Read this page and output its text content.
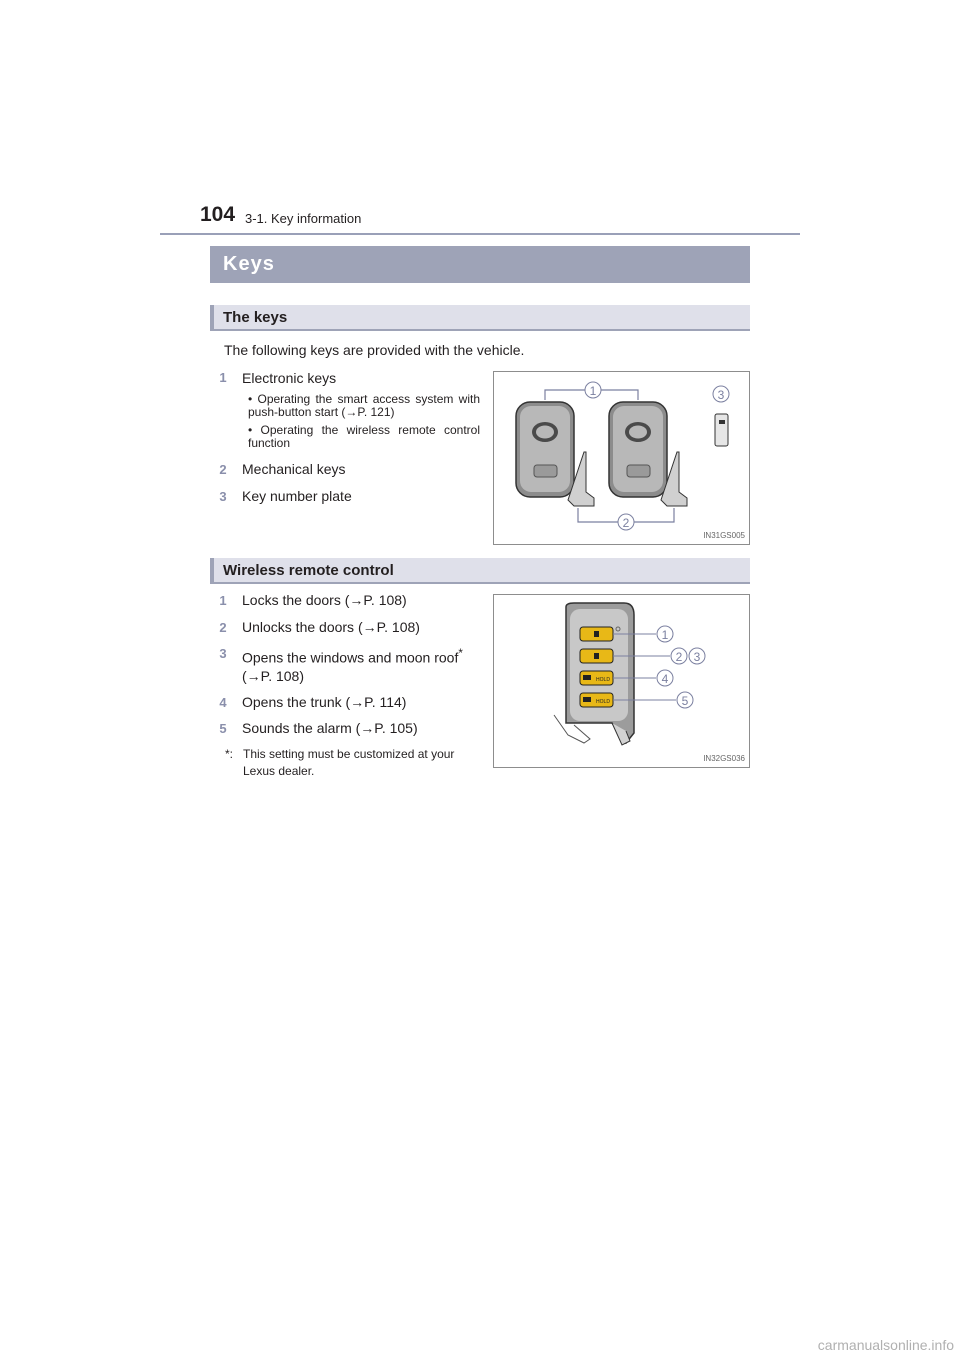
104 3-1. Key information
Keys
The keys
The following keys are provided with the vehicle.
1	Electronic keys
• Operating the smart access system with push-button start (→P. 121)
• Operating the wireless remote control function
2	Mechanical keys
3	Key number plate
1
2
3
IN31GS005
Wireless remote control
1	Locks the doors (→P. 108)
2	Unlocks the doors (→P. 108)
3	Opens the windows and moon roof*
(→P. 108)
4	Opens the trunk (→P. 114)
5	Sounds the alarm (→P. 105)
*: This setting must be customized at your Lexus dealer.
HOLD
HOLD
1
2 3
4
5
IN32GS036
carmanualsonline.info
